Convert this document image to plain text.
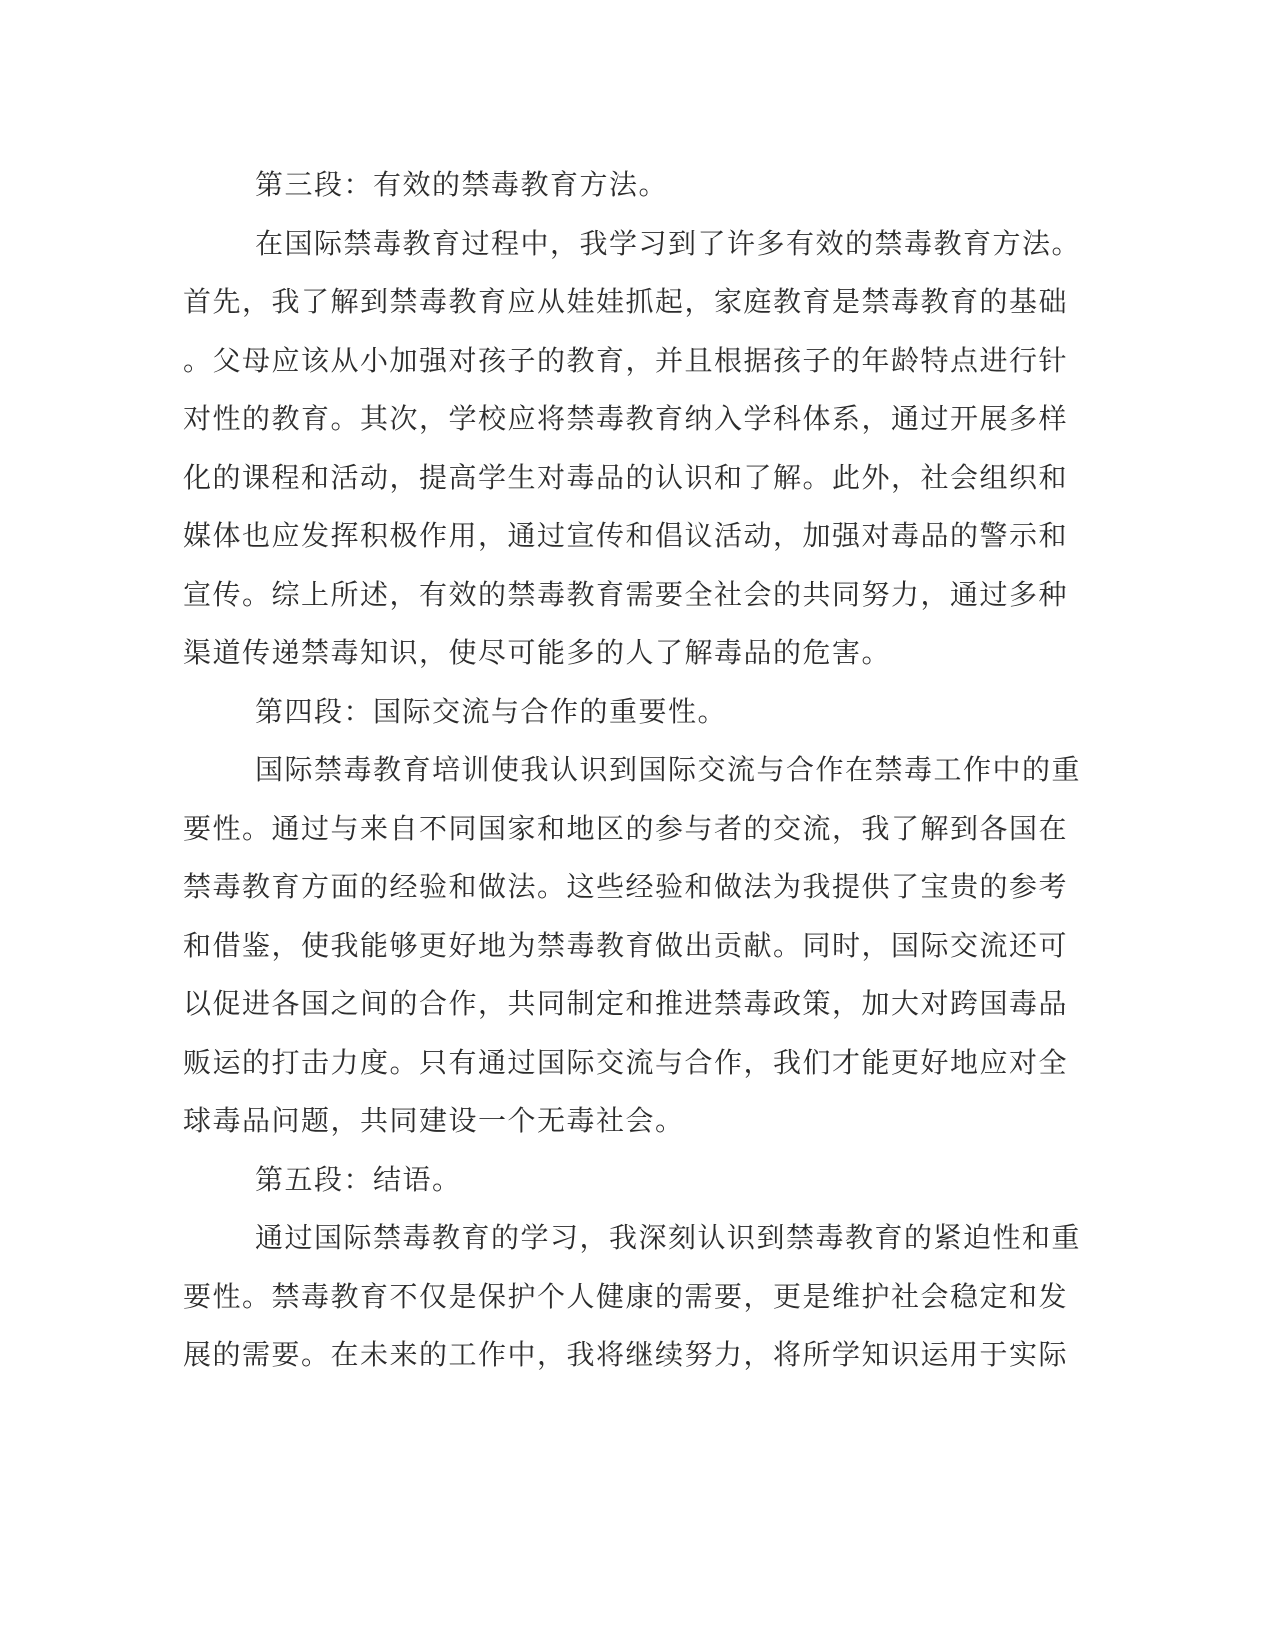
第三段：有效的禁毒教育方法。
在国际禁毒教育过程中，我学习到了许多有效的禁毒教育方法。
首先，我了解到禁毒教育应从娃娃抓起，家庭教育是禁毒教育的基础
。父母应该从小加强对孩子的教育，并且根据孩子的年龄特点进行针
对性的教育。其次，学校应将禁毒教育纳入学科体系，通过开展多样
化的课程和活动，提高学生对毒品的认识和了解。此外，社会组织和
媒体也应发挥积极作用，通过宣传和倡议活动，加强对毒品的警示和
宣传。综上所述，有效的禁毒教育需要全社会的共同努力，通过多种
渠道传递禁毒知识，使尽可能多的人了解毒品的危害。
第四段：国际交流与合作的重要性。
国际禁毒教育培训使我认识到国际交流与合作在禁毒工作中的重
要性。通过与来自不同国家和地区的参与者的交流，我了解到各国在
禁毒教育方面的经验和做法。这些经验和做法为我提供了宝贵的参考
和借鉴，使我能够更好地为禁毒教育做出贡献。同时，国际交流还可
以促进各国之间的合作，共同制定和推进禁毒政策，加大对跨国毒品
贩运的打击力度。只有通过国际交流与合作，我们才能更好地应对全
球毒品问题，共同建设一个无毒社会。
第五段：结语。
通过国际禁毒教育的学习，我深刻认识到禁毒教育的紧迫性和重
要性。禁毒教育不仅是保护个人健康的需要，更是维护社会稳定和发
展的需要。在未来的工作中，我将继续努力，将所学知识运用于实际
